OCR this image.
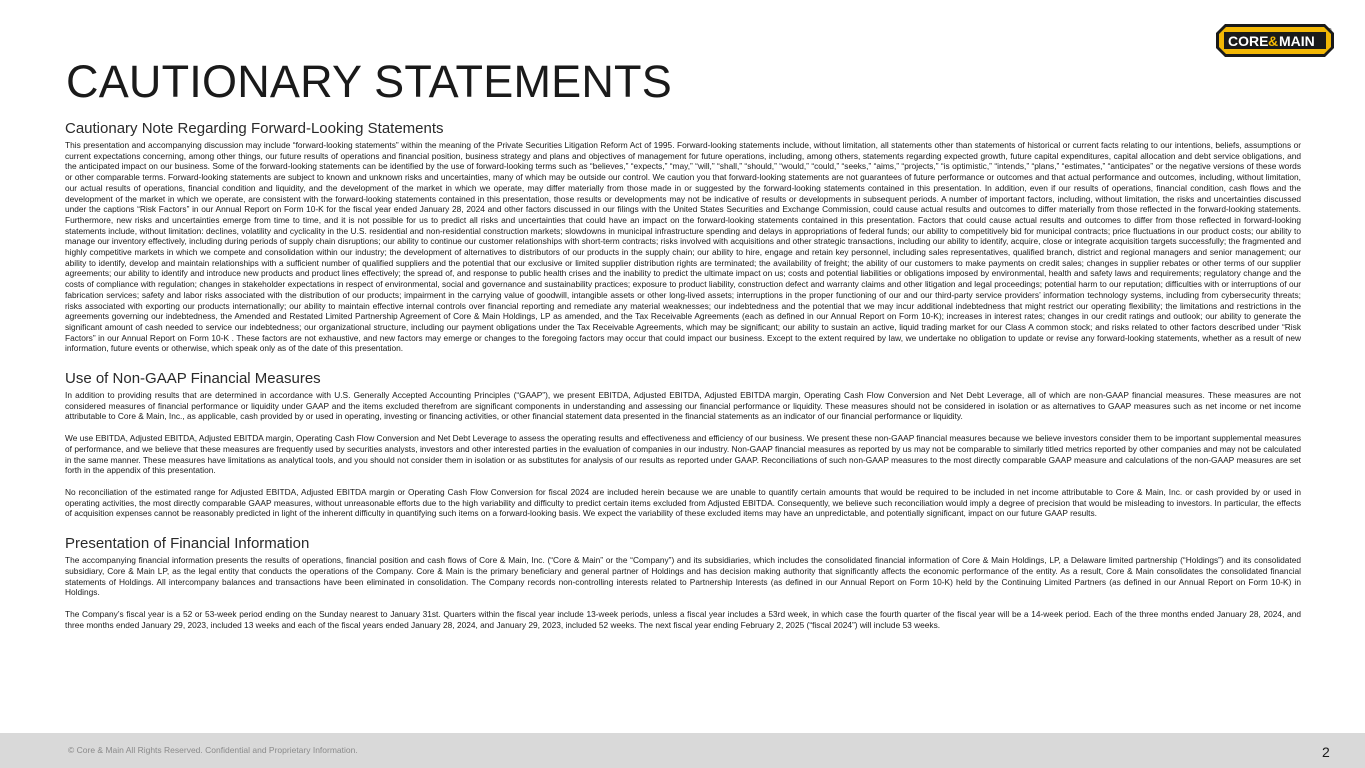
CORE & MAIN
®
CAUTIONARY STATEMENTS
Cautionary Note Regarding Forward-Looking Statements

This presentation and accompanying discussion may include “forward-looking statements” within the meaning of the Private Securities Litigation Reform Act of 1995. Forward-looking statements include, without limitation, all statements other than statements of historical or current facts relating to our intentions, beliefs, assumptions or current expectations concerning, among other things, our future results of operations and financial position, business strategy and plans and objectives of management for future operations, including, among others, statements regarding expected growth, future capital expenditures, capital allocation and debt service obligations, and the anticipated impact on our business. Some of the forward-looking statements can be identified by the use of forward-looking terms such as “believes,” “expects,” “may,” “will,” “shall,” “should,” “would,” “could,” “seeks,” “aims,” “projects,” “is optimistic,” “intends,” “plans,” “estimates,” “anticipates” or the negative versions of these words or other comparable terms. Forward-looking statements are subject to known and unknown risks and uncertainties, many of which may be outside our control. We caution you that forward-looking statements are not guarantees of future performance or outcomes and that actual performance and outcomes, including, without limitation, our actual results of operations, financial condition and liquidity, and the development of the market in which we operate, may differ materially from those made in or suggested by the forward-looking statements contained in this presentation. In addition, even if our results of operations, financial condition, cash flows and the development of the market in which we operate, are consistent with the forward-looking statements contained in this presentation, those results or developments may not be indicative of results or developments in subsequent periods. A number of important factors, including, without limitation, the risks and uncertainties discussed under the captions “Risk Factors” in our Annual Report on Form 10-K for the fiscal year ended January 28, 2024 and other factors discussed in our filings with the United States Securities and Exchange Commission, could cause actual results and outcomes to differ materially from those reflected in the forward-looking statements. Furthermore, new risks and uncertainties emerge from time to time, and it is not possible for us to predict all risks and uncertainties that could have an impact on the forward-looking statements contained in this presentation. Factors that could cause actual results and outcomes to differ from those reflected in forward-looking statements include, without limitation: declines, volatility and cyclicality in the U.S. residential and non-residential construction markets; slowdowns in municipal infrastructure spending and delays in appropriations of federal funds; our ability to competitively bid for municipal contracts; price fluctuations in our product costs; our ability to manage our inventory effectively, including during periods of supply chain disruptions; our ability to continue our customer relationships with short-term contracts; risks involved with acquisitions and other strategic transactions, including our ability to identify, acquire, close or integrate acquisition targets successfully; the fragmented and highly competitive markets in which we compete and consolidation within our industry; the development of alternatives to distributors of our products in the supply chain; our ability to hire, engage and retain key personnel, including sales representatives, qualified branch, district and regional managers and senior management; our ability to identify, develop and maintain relationships with a sufficient number of qualified suppliers and the potential that our exclusive or limited supplier distribution rights are terminated; the availability of freight; the ability of our customers to make payments on credit sales; changes in supplier rebates or other terms of our supplier agreements; our ability to identify and introduce new products and product lines effectively; the spread of, and response to public health crises and the inability to predict the ultimate impact on us; costs and potential liabilities or obligations imposed by environmental, health and safety laws and requirements; regulatory change and the costs of compliance with regulation; changes in stakeholder expectations in respect of environmental, social and governance and sustainability practices; exposure to product liability, construction defect and warranty claims and other litigation and legal proceedings; potential harm to our reputation; difficulties with or interruptions of our fabrication services; safety and labor risks associated with the distribution of our products; impairment in the carrying value of goodwill, intangible assets or other long-lived assets; interruptions in the proper functioning of our and our third-party service providers’ information technology systems, including from cybersecurity threats; risks associated with exporting our products internationally; our ability to maintain effective internal controls over financial reporting and remediate any material weaknesses; our indebtedness and the potential that we may incur additional indebtedness that might restrict our operating flexibility; the limitations and restrictions in the agreements governing our indebtedness, the Amended and Restated Limited Partnership Agreement of Core & Main Holdings, LP as amended, and the Tax Receivable Agreements (each as defined in our Annual Report on Form 10-K); increases in interest rates; changes in our credit ratings and outlook; our ability to generate the significant amount of cash needed to service our indebtedness; our organizational structure, including our payment obligations under the Tax Receivable Agreements, which may be significant; our ability to sustain an active, liquid trading market for our Class A common stock; and risks related to other factors described under “Risk Factors” in our Annual Report on Form 10-K . These factors are not exhaustive, and new factors may emerge or changes to the foregoing factors may occur that could impact our business. Except to the extent required by law, we undertake no obligation to update or revise any forward-looking statements, whether as a result of new information, future events or otherwise, which speak only as of the date of this presentation.

Use of Non-GAAP Financial Measures

In addition to providing results that are determined in accordance with U.S. Generally Accepted Accounting Principles (“GAAP”), we present EBITDA, Adjusted EBITDA, Adjusted EBITDA margin, Operating Cash Flow Conversion and Net Debt Leverage, all of which are non-GAAP financial measures. These measures are not considered measures of financial performance or liquidity under GAAP and the items excluded therefrom are significant components in understanding and assessing our financial performance or liquidity. These measures should not be considered in isolation or as alternatives to GAAP measures such as net income or net income attributable to Core & Main, Inc., as applicable, cash provided by or used in operating, investing or financing activities, or other financial statement data presented in the financial statements as an indicator of our financial performance or liquidity.

We use EBITDA, Adjusted EBITDA, Adjusted EBITDA margin, Operating Cash Flow Conversion and Net Debt Leverage to assess the operating results and effectiveness and efficiency of our business. We present these non-GAAP financial measures because we believe investors consider them to be important supplemental measures of performance, and we believe that these measures are frequently used by securities analysts, investors and other interested parties in the evaluation of companies in our industry. Non-GAAP financial measures as reported by us may not be comparable to similarly titled metrics reported by other companies and may not be calculated in the same manner. These measures have limitations as analytical tools, and you should not consider them in isolation or as substitutes for analysis of our results as reported under GAAP. Reconciliations of such non-GAAP measures to the most directly comparable GAAP measure and calculations of the non-GAAP measures are set forth in the appendix of this presentation.

No reconciliation of the estimated range for Adjusted EBITDA, Adjusted EBITDA margin or Operating Cash Flow Conversion for fiscal 2024 are included herein because we are unable to quantify certain amounts that would be required to be included in net income attributable to Core & Main, Inc. or cash provided by or used in operating activities, the most directly comparable GAAP measures, without unreasonable efforts due to the high variability and difficulty to predict certain items excluded from Adjusted EBITDA. Consequently, we believe such reconciliation would imply a degree of precision that would be misleading to investors. In particular, the effects of acquisition expenses cannot be reasonably predicted in light of the inherent difficulty in quantifying such items on a forward-looking basis. We expect the variability of these excluded items may have an unpredictable, and potentially significant, impact on our future GAAP results.

Presentation of Financial Information

The accompanying financial information presents the results of operations, financial position and cash flows of Core & Main, Inc. (“Core & Main” or the “Company”) and its subsidiaries, which includes the consolidated financial information of Core & Main Holdings, LP, a Delaware limited partnership (“Holdings”) and its consolidated subsidiary, Core & Main LP, as the legal entity that conducts the operations of the Company. Core & Main is the primary beneficiary and general partner of Holdings and has decision making authority that significantly affects the economic performance of the entity. As a result, Core & Main consolidates the consolidated financial statements of Holdings. All intercompany balances and transactions have been eliminated in consolidation. The Company records non-controlling interests related to Partnership Interests (as defined in our Annual Report on Form 10-K) held by the Continuing Limited Partners (as defined in our Annual Report on Form 10-K) in Holdings.

The Company’s fiscal year is a 52 or 53-week period ending on the Sunday nearest to January 31st. Quarters within the fiscal year include 13-week periods, unless a fiscal year includes a 53rd week, in which case the fourth quarter of the fiscal year will be a 14-week period. Each of the three months ended January 28, 2024, and three months ended January 29, 2023, included 13 weeks and each of the fiscal years ended January 28, 2024, and January 29, 2023, included 52 weeks. The next fiscal year ending February 2, 2025 (“fiscal 2024”) will include 53 weeks.

© Core & Main All Rights Reserved. Confidential and Proprietary Information.	2
